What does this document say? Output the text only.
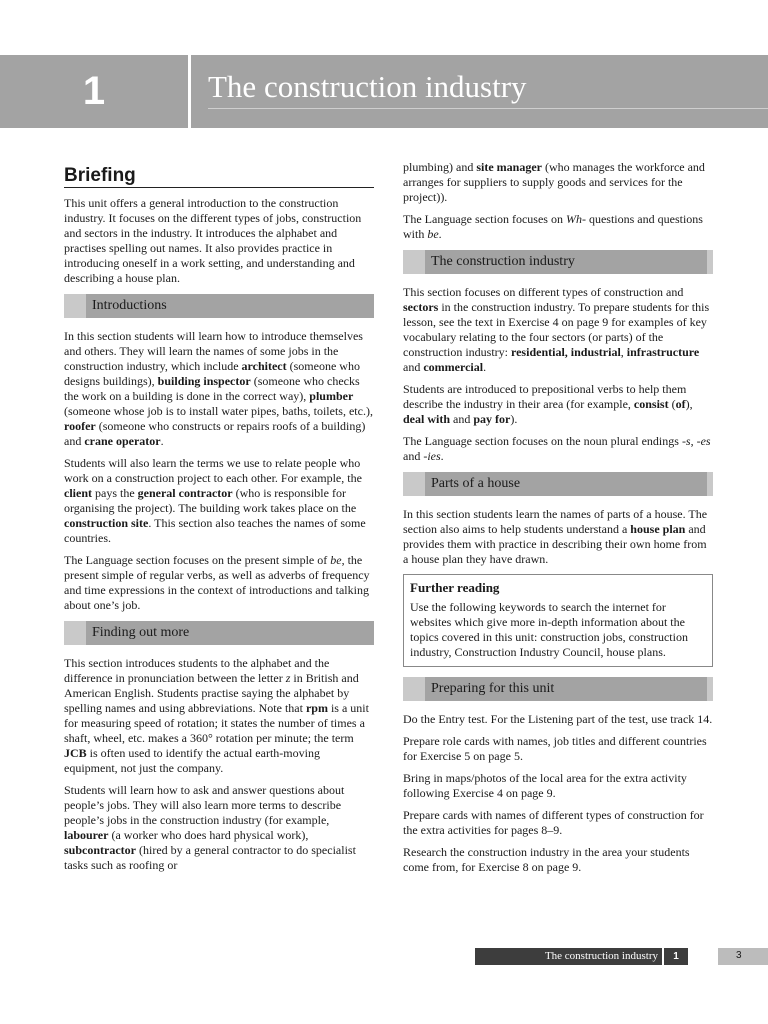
1	The construction industry
Briefing

This unit offers a general introduction to the construction industry. It focuses on the different types of jobs, construction and sectors in the industry. It introduces the alphabet and practises spelling out names. It also provides practice in introducing oneself in a work setting, and understanding and describing a house plan.

Introductions

In this section students will learn how to introduce themselves and others. They will learn the names of some jobs in the construction industry, which include architect (someone who designs buildings), building inspector (someone who checks the work on a building is done in the correct way), plumber (someone whose job is to install water pipes, baths, toilets, etc.), roofer (someone who constructs or repairs roofs of a building) and crane operator.

Students will also learn the terms we use to relate people who work on a construction project to each other. For example, the client pays the general contractor (who is responsible for organising the project). The building work takes place on the construction site. This section also teaches the names of some countries.

The Language section focuses on the present simple of be, the present simple of regular verbs, as well as adverbs of frequency and time expressions in the context of introductions and talking about one’s job.

Finding out more

This section introduces students to the alphabet and the difference in pronunciation between the letter z in British and American English. Students practise saying the alphabet by spelling names and using abbreviations. Note that rpm is a unit for measuring speed of rotation; it states the number of times a shaft, wheel, etc. makes a 360° rotation per minute; the term JCB is often used to identify the actual earth-moving equipment, not just the company.

Students will learn how to ask and answer questions about people’s jobs. They will also learn more terms to describe people’s jobs in the construction industry (for example, labourer (a worker who does hard physical work), subcontractor (hired by a general contractor to do specialist tasks such as roofing or

plumbing) and site manager (who manages the workforce and arranges for suppliers to supply goods and services for the project)).

The Language section focuses on Wh- questions and questions with be.

The construction industry

This section focuses on different types of construction and sectors in the construction industry. To prepare students for this lesson, see the text in Exercise 4 on page 9 for examples of key vocabulary relating to the four sectors (or parts) of the construction industry: residential, industrial, infrastructure and commercial.

Students are introduced to prepositional verbs to help them describe the industry in their area (for example, consist (of), deal with and pay for).

The Language section focuses on the noun plural endings -s, -es and -ies.

Parts of a house

In this section students learn the names of parts of a house. The section also aims to help students understand a house plan and provides them with practice in describing their own home from a house plan they have drawn.

Further reading
Use the following keywords to search the internet for websites which give more in-depth information about the topics covered in this unit: construction jobs, construction industry, Construction Industry Council, house plans.
Preparing for this unit

Do the Entry test. For the Listening part of the test, use track 14.

Prepare role cards with names, job titles and different countries for Exercise 5 on page 5.

Bring in maps/photos of the local area for the extra activity following Exercise 4 on page 9.

Prepare cards with names of different types of construction for the extra activities for pages 8–9.

Research the construction industry in the area your students come from, for Exercise 8 on page 9.

The construction industry	1	3
